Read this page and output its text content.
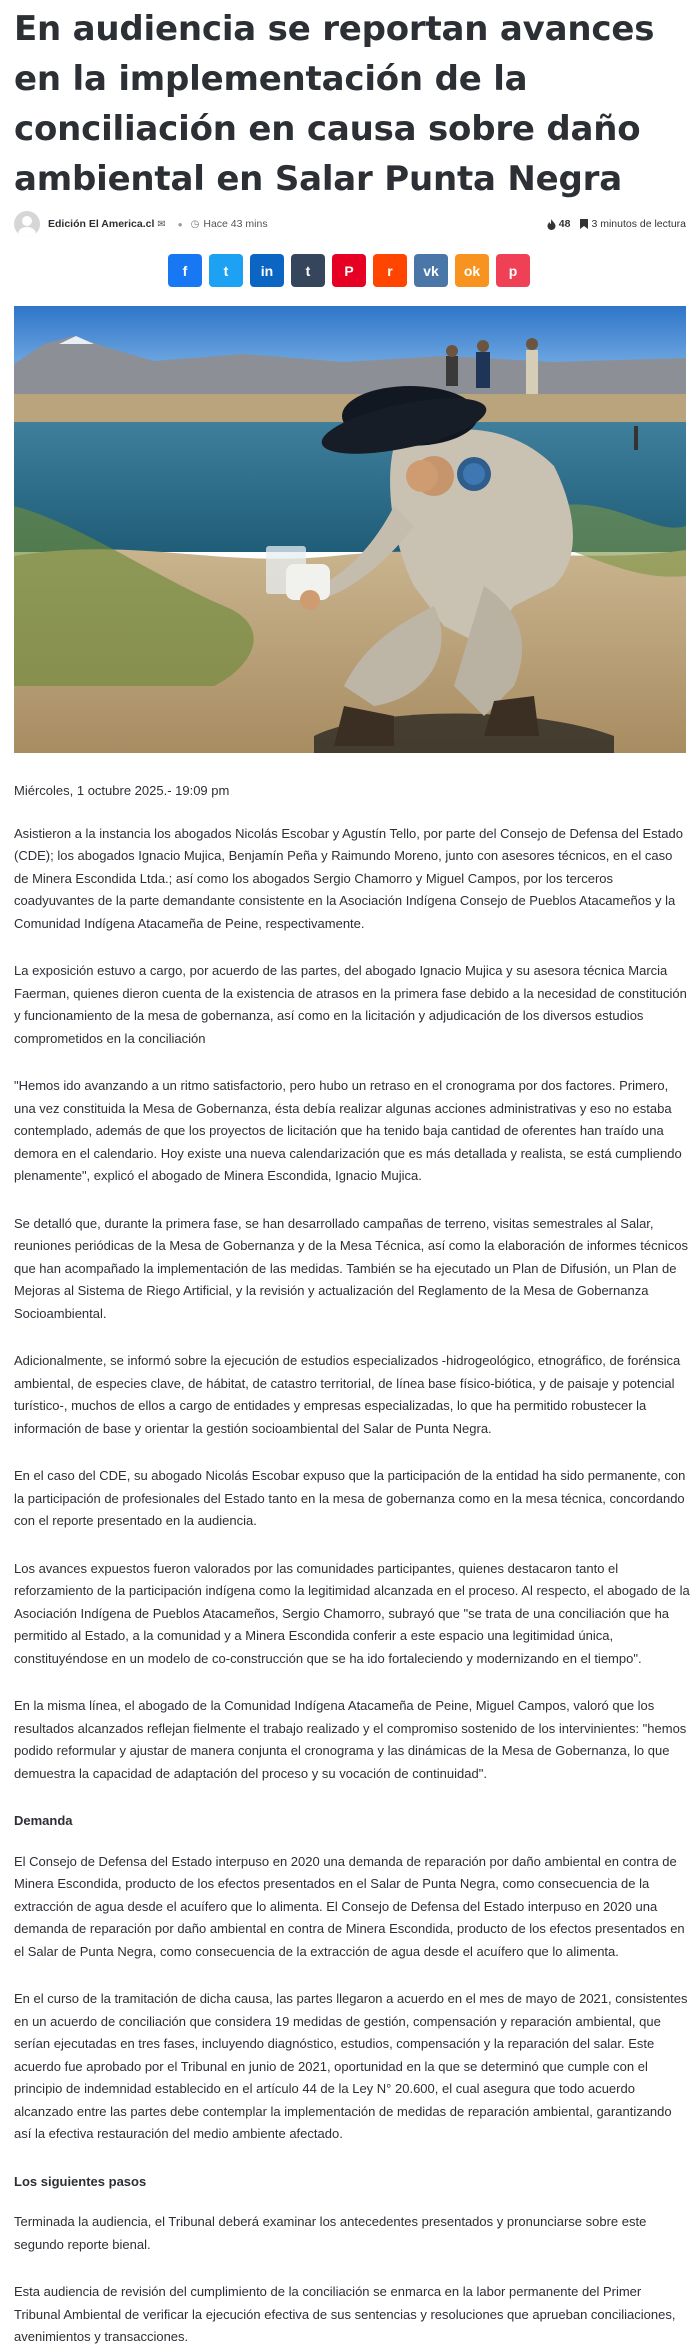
En audiencia se reportan avances en la implementación de la conciliación en causa sobre daño ambiental en Salar Punta Negra
Edición El America.cl ✉ ● ◷ Hace 43 mins	48 3 minutos de lectura
f	t in t P r vk ok p

Miércoles, 1 octubre 2025.- 19:09 pm

Asistieron a la instancia los abogados Nicolás Escobar y Agustín Tello, por parte del Consejo de Defensa del Estado (CDE); los abogados Ignacio Mujica, Benjamín Peña y Raimundo Moreno, junto con asesores técnicos, en el caso de Minera Escondida Ltda.; así como los abogados Sergio Chamorro y Miguel Campos, por los terceros coadyuvantes de la parte demandante consistente en la Asociación Indígena Consejo de Pueblos Atacameños y la Comunidad Indígena Atacameña de Peine, respectivamente.

La exposición estuvo a cargo, por acuerdo de las partes, del abogado Ignacio Mujica y su asesora técnica Marcia Faerman, quienes dieron cuenta de la existencia de atrasos en la primera fase debido a la necesidad de constitución y funcionamiento de la mesa de gobernanza, así como en la licitación y adjudicación de los diversos estudios comprometidos en la conciliación

"Hemos ido avanzando a un ritmo satisfactorio, pero hubo un retraso en el cronograma por dos factores. Primero, una vez constituida la Mesa de Gobernanza, ésta debía realizar algunas acciones administrativas y eso no estaba contemplado, además de que los proyectos de licitación que ha tenido baja cantidad de oferentes han traído una demora en el calendario. Hoy existe una nueva calendarización que es más detallada y realista, se está cumpliendo plenamente", explicó el abogado de Minera Escondida, Ignacio Mujica.

Se detalló que, durante la primera fase, se han desarrollado campañas de terreno, visitas semestrales al Salar, reuniones periódicas de la Mesa de Gobernanza y de la Mesa Técnica, así como la elaboración de informes técnicos que han acompañado la implementación de las medidas. También se ha ejecutado un Plan de Difusión, un Plan de Mejoras al Sistema de Riego Artificial, y la revisión y actualización del Reglamento de la Mesa de Gobernanza Socioambiental.

Adicionalmente, se informó sobre la ejecución de estudios especializados -hidrogeológico, etnográfico, de forénsica ambiental, de especies clave, de hábitat, de catastro territorial, de línea base físico-biótica, y de paisaje y potencial turístico-, muchos de ellos a cargo de entidades y empresas especializadas, lo que ha permitido robustecer la información de base y orientar la gestión socioambiental del Salar de Punta Negra.

En el caso del CDE, su abogado Nicolás Escobar expuso que la participación de la entidad ha sido permanente, con la participación de profesionales del Estado tanto en la mesa de gobernanza como en la mesa técnica, concordando con el reporte presentado en la audiencia.

Los avances expuestos fueron valorados por las comunidades participantes, quienes destacaron tanto el reforzamiento de la participación indígena como la legitimidad alcanzada en el proceso. Al respecto, el abogado de la Asociación Indígena de Pueblos Atacameños, Sergio Chamorro, subrayó que "se trata de una conciliación que ha permitido al Estado, a la comunidad y a Minera Escondida conferir a este espacio una legitimidad única, constituyéndose en un modelo de co-construcción que se ha ido fortaleciendo y modernizando en el tiempo".

En la misma línea, el abogado de la Comunidad Indígena Atacameña de Peine, Miguel Campos, valoró que los resultados alcanzados reflejan fielmente el trabajo realizado y el compromiso sostenido de los intervinientes: "hemos podido reformular y ajustar de manera conjunta el cronograma y las dinámicas de la Mesa de Gobernanza, lo que demuestra la capacidad de adaptación del proceso y su vocación de continuidad".

Demanda

El Consejo de Defensa del Estado interpuso en 2020 una demanda de reparación por daño ambiental en contra de Minera Escondida, producto de los efectos presentados en el Salar de Punta Negra, como consecuencia de la extracción de agua desde el acuífero que lo alimenta. El Consejo de Defensa del Estado interpuso en 2020 una demanda de reparación por daño ambiental en contra de Minera Escondida, producto de los efectos presentados en el Salar de Punta Negra, como consecuencia de la extracción de agua desde el acuífero que lo alimenta.

En el curso de la tramitación de dicha causa, las partes llegaron a acuerdo en el mes de mayo de 2021, consistentes en un acuerdo de conciliación que considera 19 medidas de gestión, compensación y reparación ambiental, que serían ejecutadas en tres fases, incluyendo diagnóstico, estudios, compensación y la reparación del salar. Este acuerdo fue aprobado por el Tribunal en junio de 2021, oportunidad en la que se determinó que cumple con el principio de indemnidad establecido en el artículo 44 de la Ley N° 20.600, el cual asegura que todo acuerdo alcanzado entre las partes debe contemplar la implementación de medidas de reparación ambiental, garantizando así la efectiva restauración del medio ambiente afectado.

Los siguientes pasos

Terminada la audiencia, el Tribunal deberá examinar los antecedentes presentados y pronunciarse sobre este segundo reporte bienal.

Esta audiencia de revisión del cumplimiento de la conciliación se enmarca en la labor permanente del Primer Tribunal Ambiental de verificar la ejecución efectiva de sus sentencias y resoluciones que aprueban conciliaciones, avenimientos y transacciones.
